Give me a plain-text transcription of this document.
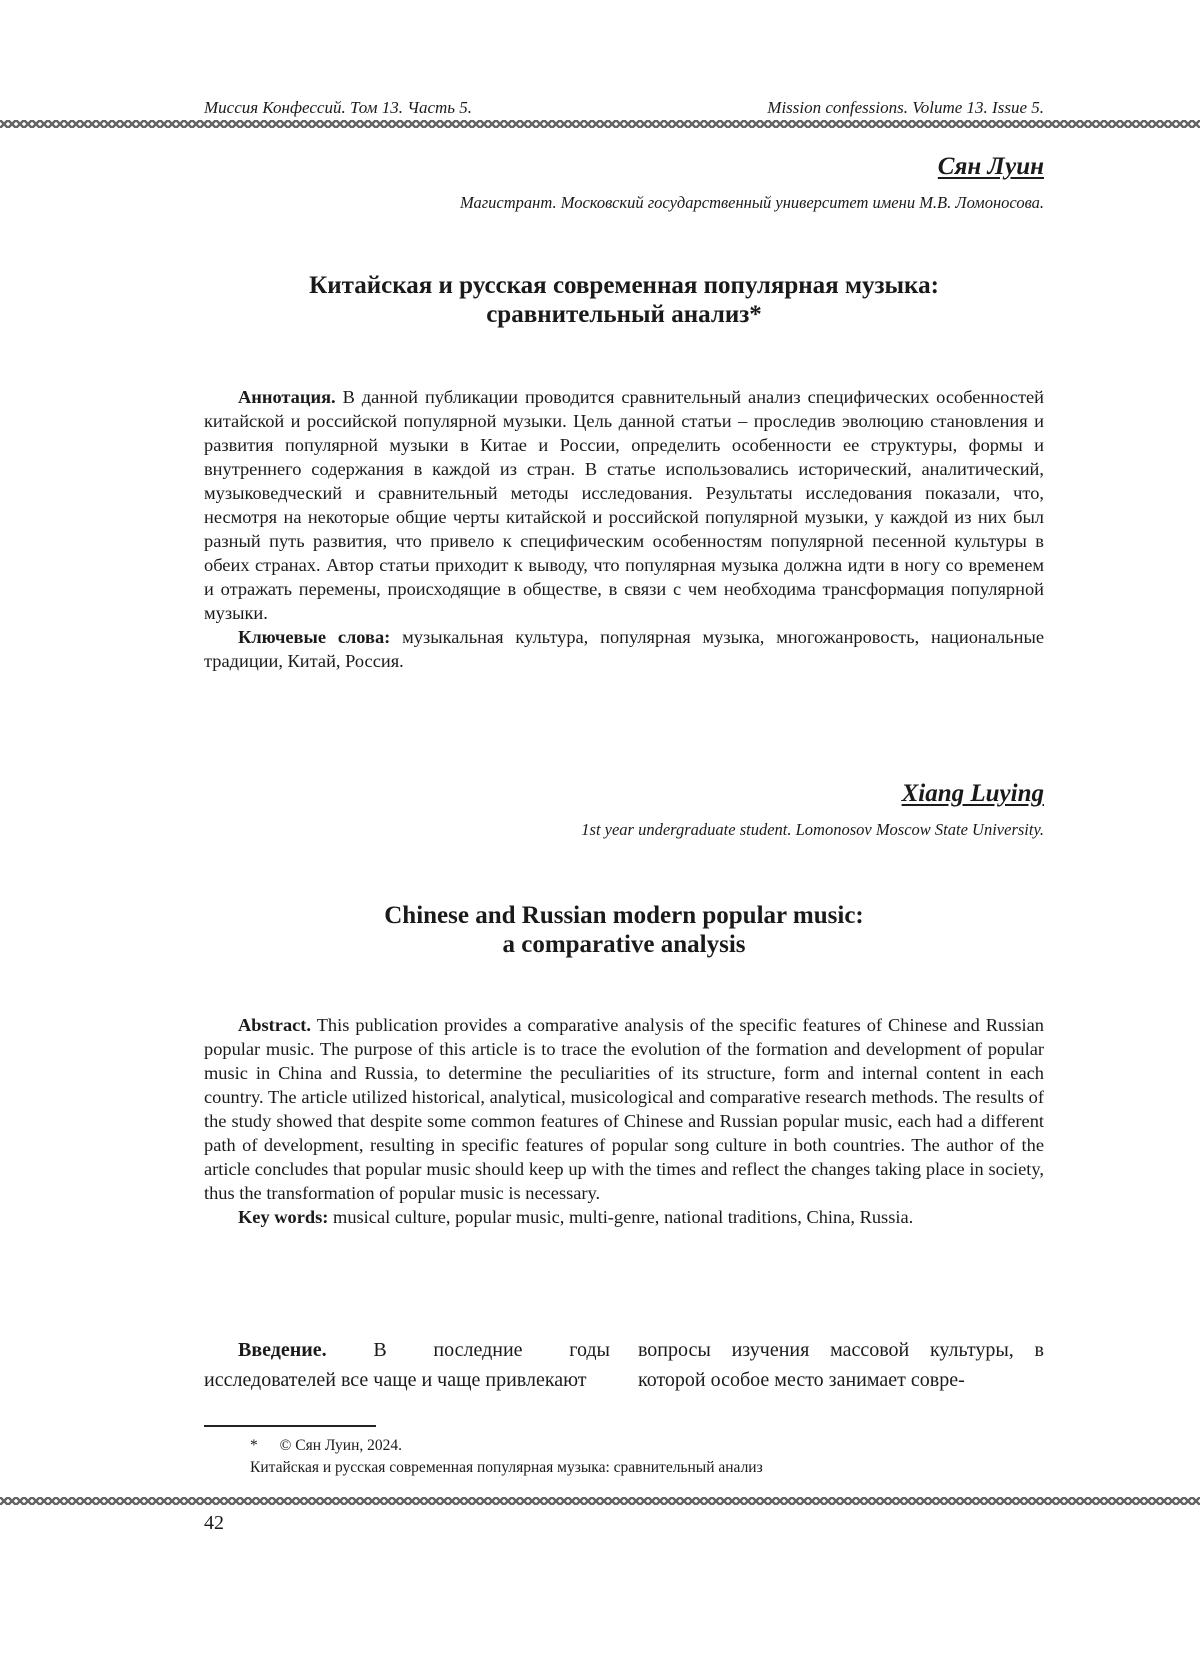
Миссия Конфессий. Том 13. Часть 5.	Mission confessions. Volume 13. Issue 5.
Сян Луин
Магистрант. Московский государственный университет имени М.В. Ломоносова.
Китайская и русская современная популярная музыка:
сравнительный анализ*

Аннотация. В данной публикации проводится сравнительный анализ специфических особенностей китайской и российской популярной музыки. Цель данной статьи – проследив эволюцию становления и развития популярной музыки в Китае и России, определить особенности ее структуры, формы и внутреннего содержания в каждой из стран. В статье использовались исторический, аналитический, музыковедческий и сравнительный методы исследования. Результаты исследования показали, что, несмотря на некоторые общие черты китайской и российской популярной музыки, у каждой из них был разный путь развития, что привело к специфическим особенностям популярной песенной культуры в обеих странах. Автор статьи приходит к выводу, что популярная музыка должна идти в ногу со временем и отражать перемены, происходящие в обществе, в связи с чем необходима трансформация популярной музыки.

Ключевые слова: музыкальная культура, популярная музыка, многожанровость, национальные традиции, Китай, Россия.

Xiang Luying
1st year undergraduate student. Lomonosov Moscow State University.
Chinese and Russian modern popular music:
a comparative analysis

Abstract. This publication provides a comparative analysis of the specific features of Chinese and Russian popular music. The purpose of this article is to trace the evolution of the formation and development of popular music in China and Russia, to determine the peculiarities of its structure, form and internal content in each country. The article utilized historical, analytical, musicological and comparative research methods. The results of the study showed that despite some common features of Chinese and Russian popular music, each had a different path of development, resulting in specific features of popular song culture in both countries. The author of the article concludes that popular music should keep up with the times and reflect the changes taking place in society, thus the transformation of popular music is necessary.

Key words: musical culture, popular music, multi-genre, national traditions, China, Russia.

Введение. В последние годы исследователей все чаще и чаще привлекают
вопросы изучения массовой культуры, в которой особое место занимает совре-
* © Сян Луин, 2024.
Китайская и русская современная популярная музыка: сравнительный анализ
42
